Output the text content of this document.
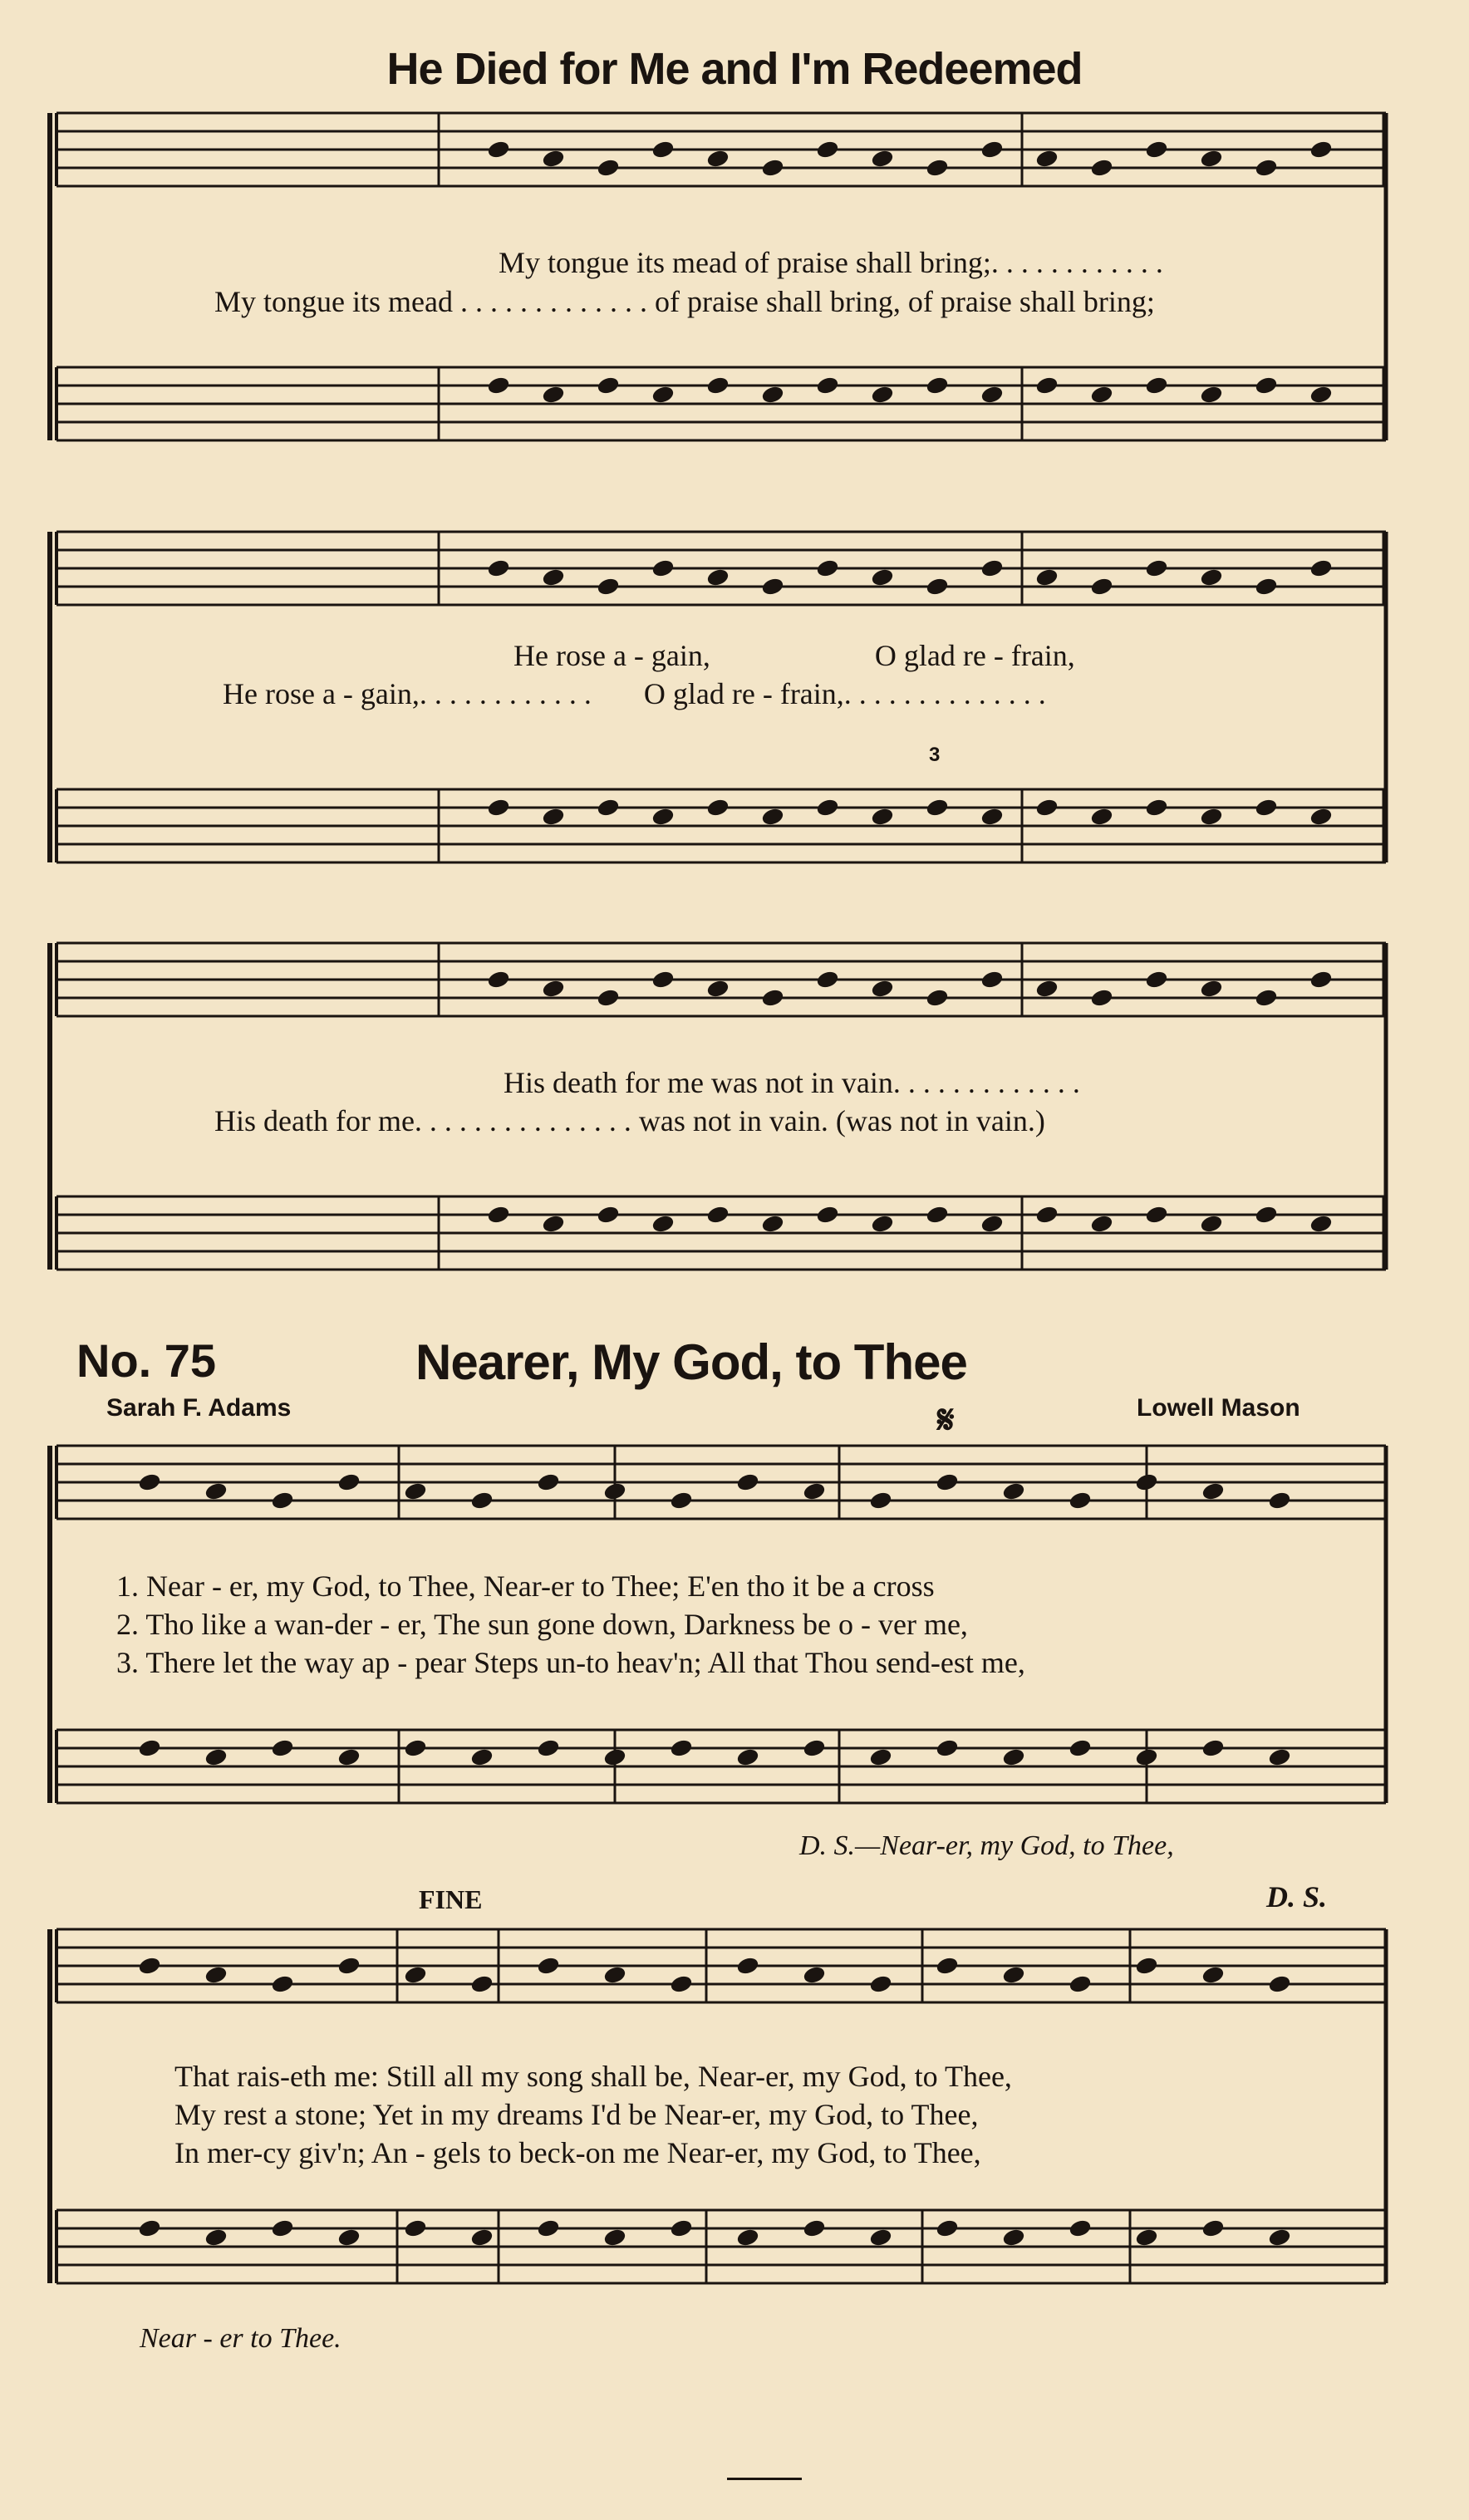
He Died for Me and I'm Redeemed
My tongue its mead of praise shall bring;. . . . . . . . . . . .
My tongue its mead . . . . . . . . . . . . . of praise shall bring, of praise shall bring;
He rose a - gain,                      O glad re - frain,
He rose a - gain,. . . . . . . . . . . .       O glad re - frain,. . . . . . . . . . . . . .
3
His death for me was not in vain. . . . . . . . . . . . .
His death for me. . . . . . . . . . . . . . . was not in vain. (was not in vain.)
No. 75	Nearer, My God, to Thee
Sarah F. Adams	Lowell Mason
𝄋
1. Near - er, my God, to Thee, Near-er to Thee; E'en tho it be a cross
2. Tho like a wan-der - er, The sun gone down, Darkness be o - ver me,
3. There let the way ap - pear Steps un-to heav'n; All that Thou send-est me,
D. S.—Near-er, my God, to Thee,
FINE	D. S.
That rais-eth me: Still all my song shall be, Near-er, my God, to Thee,
My rest a stone; Yet in my dreams I'd be Near-er, my God, to Thee,
In mer-cy giv'n; An - gels to beck-on me Near-er, my God, to Thee,
Near - er to Thee.
